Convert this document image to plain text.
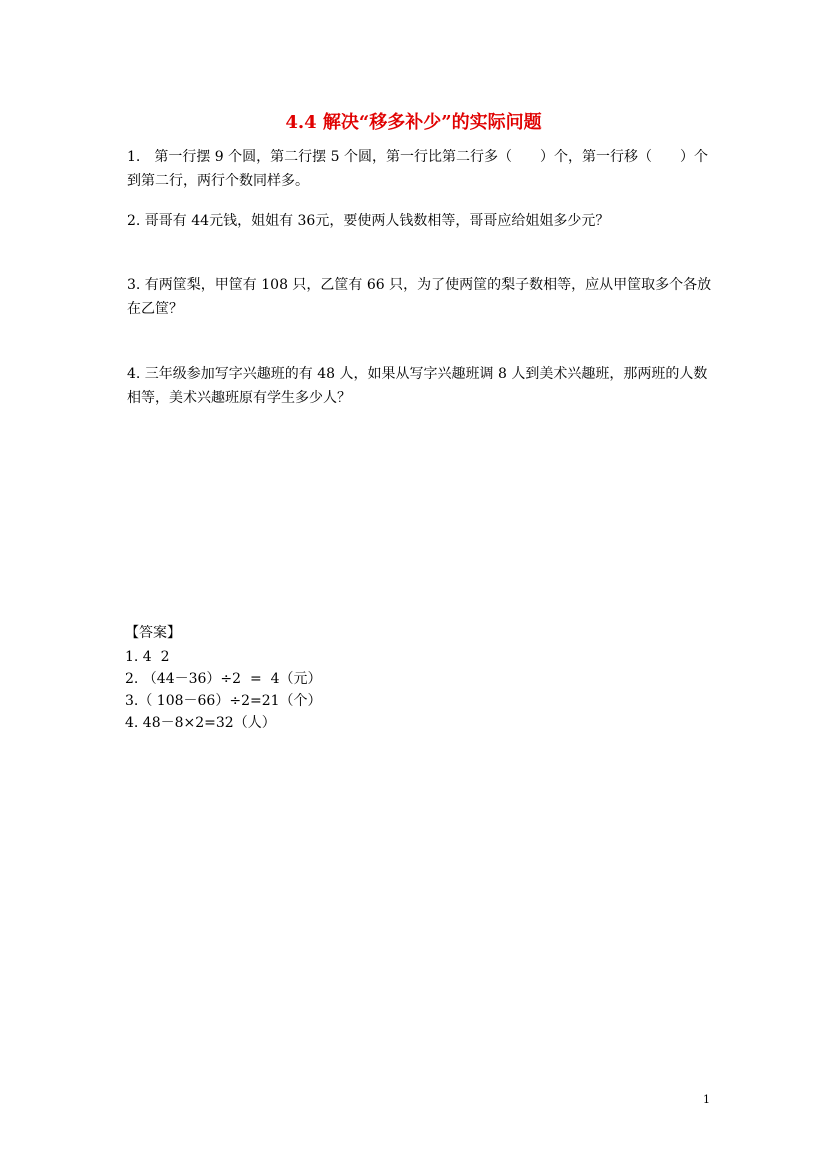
4.4 解决“移多补少”的实际问题
1.　第一行摆 9 个圆，第二行摆 5 个圆，第一行比第二行多（　　）个，第一行移（　　）个到第二行，两行个数同样多。
2. 哥哥有 44元钱，姐姐有 36元，要使两人钱数相等，哥哥应给姐姐多少元？
3. 有两筐梨，甲筐有 108 只，乙筐有 66 只，为了使两筐的梨子数相等，应从甲筐取多个各放在乙筐？
4. 三年级参加写字兴趣班的有 48 人，如果从写字兴趣班调 8 人到美术兴趣班，那两班的人数相等，美术兴趣班原有学生多少人？
【答案】
1. 4  2
2. （44－36）÷2  =  4（元）
3.（ 108－66）÷2=21（个）
4. 48－8×2=32（人）
1
